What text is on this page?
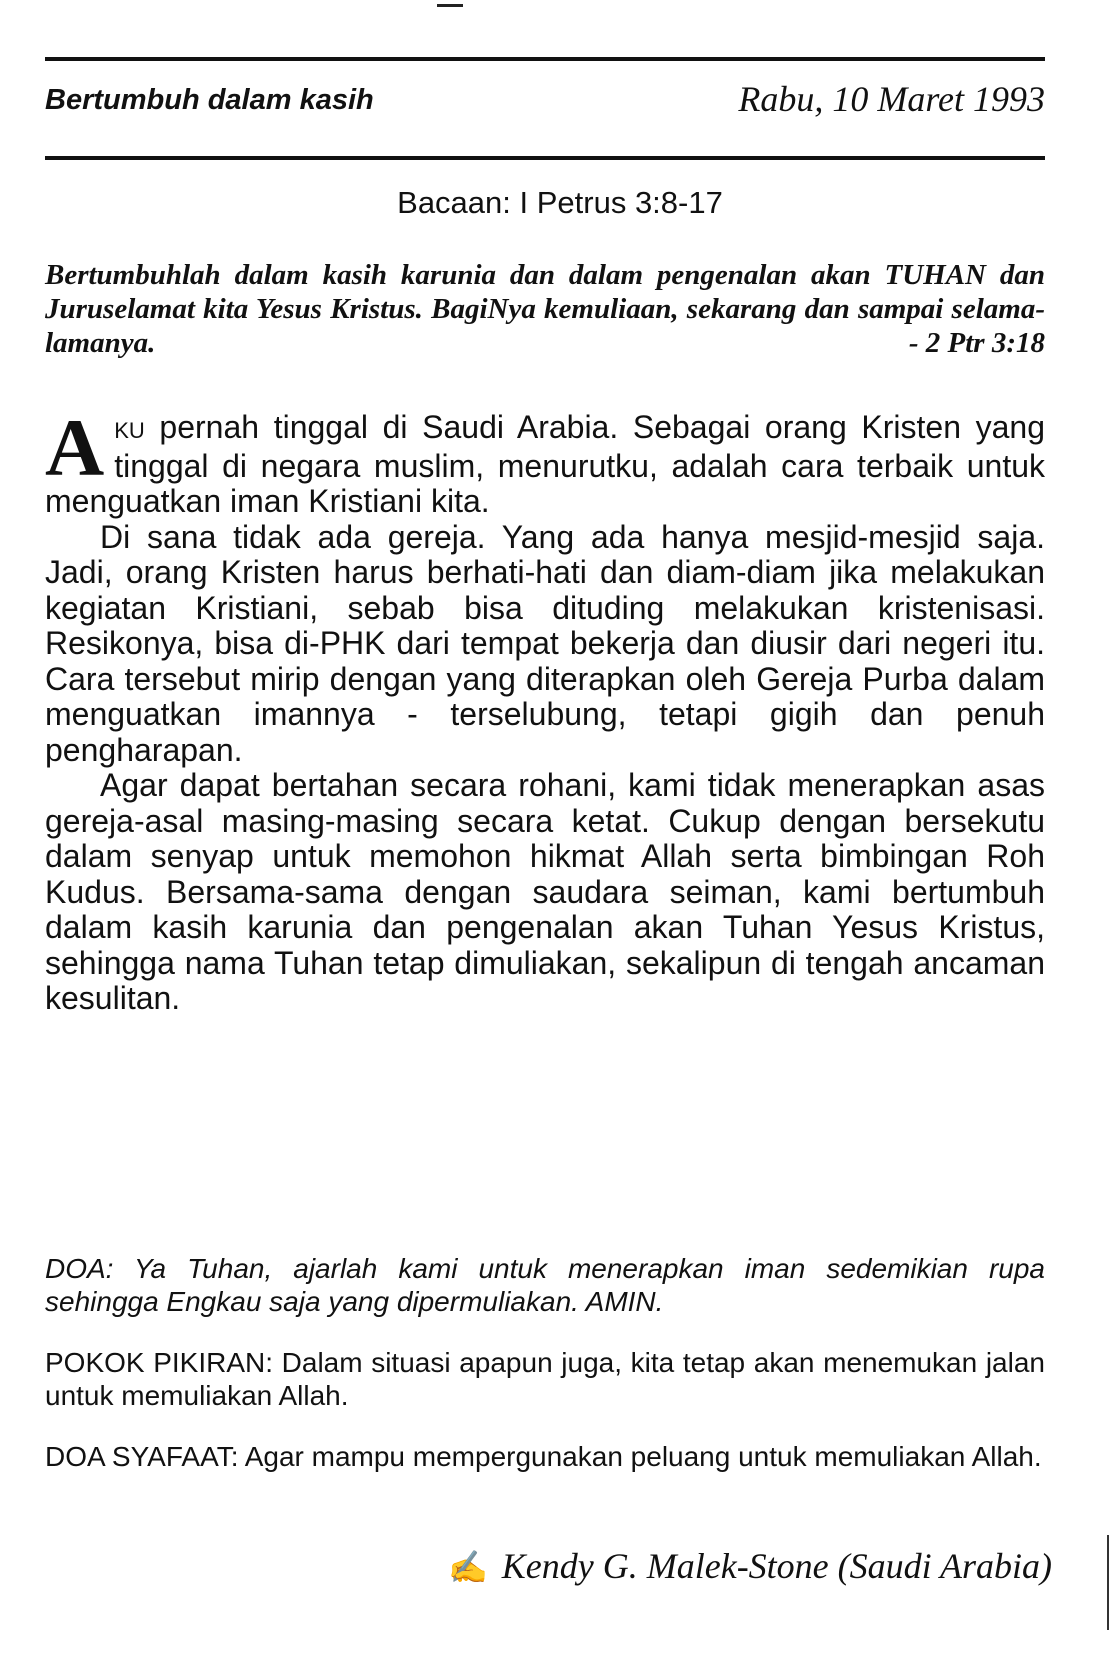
Bertumbuh dalam kasih	Rabu, 10 Maret 1993
Bacaan: I Petrus 3:8-17
Bertumbuhlah dalam kasih karunia dan dalam pengenalan akan TUHAN dan Juruselamat kita Yesus Kristus. BagiNya kemuliaan, sekarang dan sampai selama-lamanya.	- 2 Ptr 3:18

AKU pernah tinggal di Saudi Arabia. Sebagai orang Kristen yang tinggal di negara muslim, menurutku, adalah cara terbaik untuk menguatkan iman Kristiani kita.

Di sana tidak ada gereja. Yang ada hanya mesjid-mesjid saja. Jadi, orang Kristen harus berhati-hati dan diam-diam jika melakukan kegiatan Kristiani, sebab bisa dituding melakukan kristenisasi. Resikonya, bisa di-PHK dari tempat bekerja dan diusir dari negeri itu. Cara tersebut mirip dengan yang diterapkan oleh Gereja Purba dalam menguatkan imannya - terselubung, tetapi gigih dan penuh pengharapan.

Agar dapat bertahan secara rohani, kami tidak menerapkan asas gereja-asal masing-masing secara ketat. Cukup dengan bersekutu dalam senyap untuk memohon hikmat Allah serta bimbingan Roh Kudus. Bersama-sama dengan saudara seiman, kami bertumbuh dalam kasih karunia dan pengenalan akan Tuhan Yesus Kristus, sehingga nama Tuhan tetap dimuliakan, sekalipun di tengah ancaman kesulitan.

DOA: Ya Tuhan, ajarlah kami untuk menerapkan iman sedemikian rupa sehingga Engkau saja yang dipermuliakan. AMIN.
POKOK PIKIRAN: Dalam situasi apapun juga, kita tetap akan menemukan jalan untuk memuliakan Allah.
DOA SYAFAAT: Agar mampu mempergunakan peluang untuk memuliakan Allah.
✍ Kendy G. Malek-Stone (Saudi Arabia)
